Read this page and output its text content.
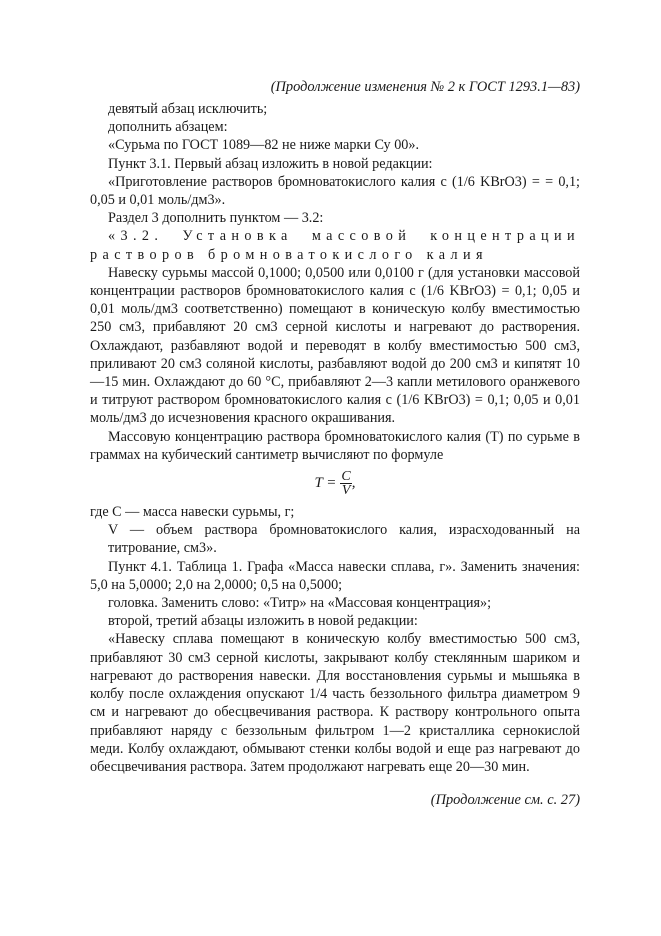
(Продолжение изменения № 2 к ГОСТ 1293.1—83)

девятый абзац исключить;

дополнить абзацем:

«Сурьма по ГОСТ 1089—82 не ниже марки Су 00».

Пункт 3.1. Первый абзац изложить в новой редакции:

«Приготовление растворов бромноватокислого калия с (1/6 KBrO3) = = 0,1; 0,05 и 0,01 моль/дм3».

Раздел 3 дополнить пунктом — 3.2:

«3.2. Установка массовой концентрации растворов бромноватокислого калия

Навеску сурьмы массой 0,1000; 0,0500 или 0,0100 г (для установки массовой концентрации растворов бромноватокислого калия с (1/6 KBrO3) = 0,1; 0,05 и 0,01 моль/дм3 соответственно) помещают в коническую колбу вместимостью 250 см3, прибавляют 20 см3 серной кислоты и нагревают до растворения. Охлаждают, разбавляют водой и переводят в колбу вместимостью 500 см3, приливают 20 см3 соляной кислоты, разбавляют водой до 200 см3 и кипятят 10—15 мин. Охлаждают до 60 °С, прибавляют 2—3 капли метилового оранжевого и титруют раствором бромноватокислого калия с (1/6 KBrO3) = 0,1; 0,05 и 0,01 моль/дм3 до исчезновения красного окрашивания.

Массовую концентрацию раствора бромноватокислого калия (T) по сурьме в граммах на кубический сантиметр вычисляют по формуле

$T = \frac{C}{V}$ ,

где C — масса навески сурьмы, г;

V — объем раствора бромноватокислого калия, израсходованный на титрование, см3».

Пункт 4.1. Таблица 1. Графа «Масса навески сплава, г». Заменить значения: 5,0 на 5,0000; 2,0 на 2,0000; 0,5 на 0,5000;

головка. Заменить слово: «Титр» на «Массовая концентрация»;

второй, третий абзацы изложить в новой редакции:

«Навеску сплава помещают в коническую колбу вместимостью 500 см3, прибавляют 30 см3 серной кислоты, закрывают колбу стеклянным шариком и нагревают до растворения навески. Для восстановления сурьмы и мышьяка в колбу после охлаждения опускают 1/4 часть беззольного фильтра диаметром 9 см и нагревают до обесцвечивания раствора. К раствору контрольного опыта прибавляют наряду с беззольным фильтром 1—2 кристаллика сернокислой меди. Колбу охлаждают, обмывают стенки колбы водой и еще раз нагревают до обесцвечивания раствора. Затем продолжают нагревать еще 20—30 мин.

(Продолжение см. с. 27)
